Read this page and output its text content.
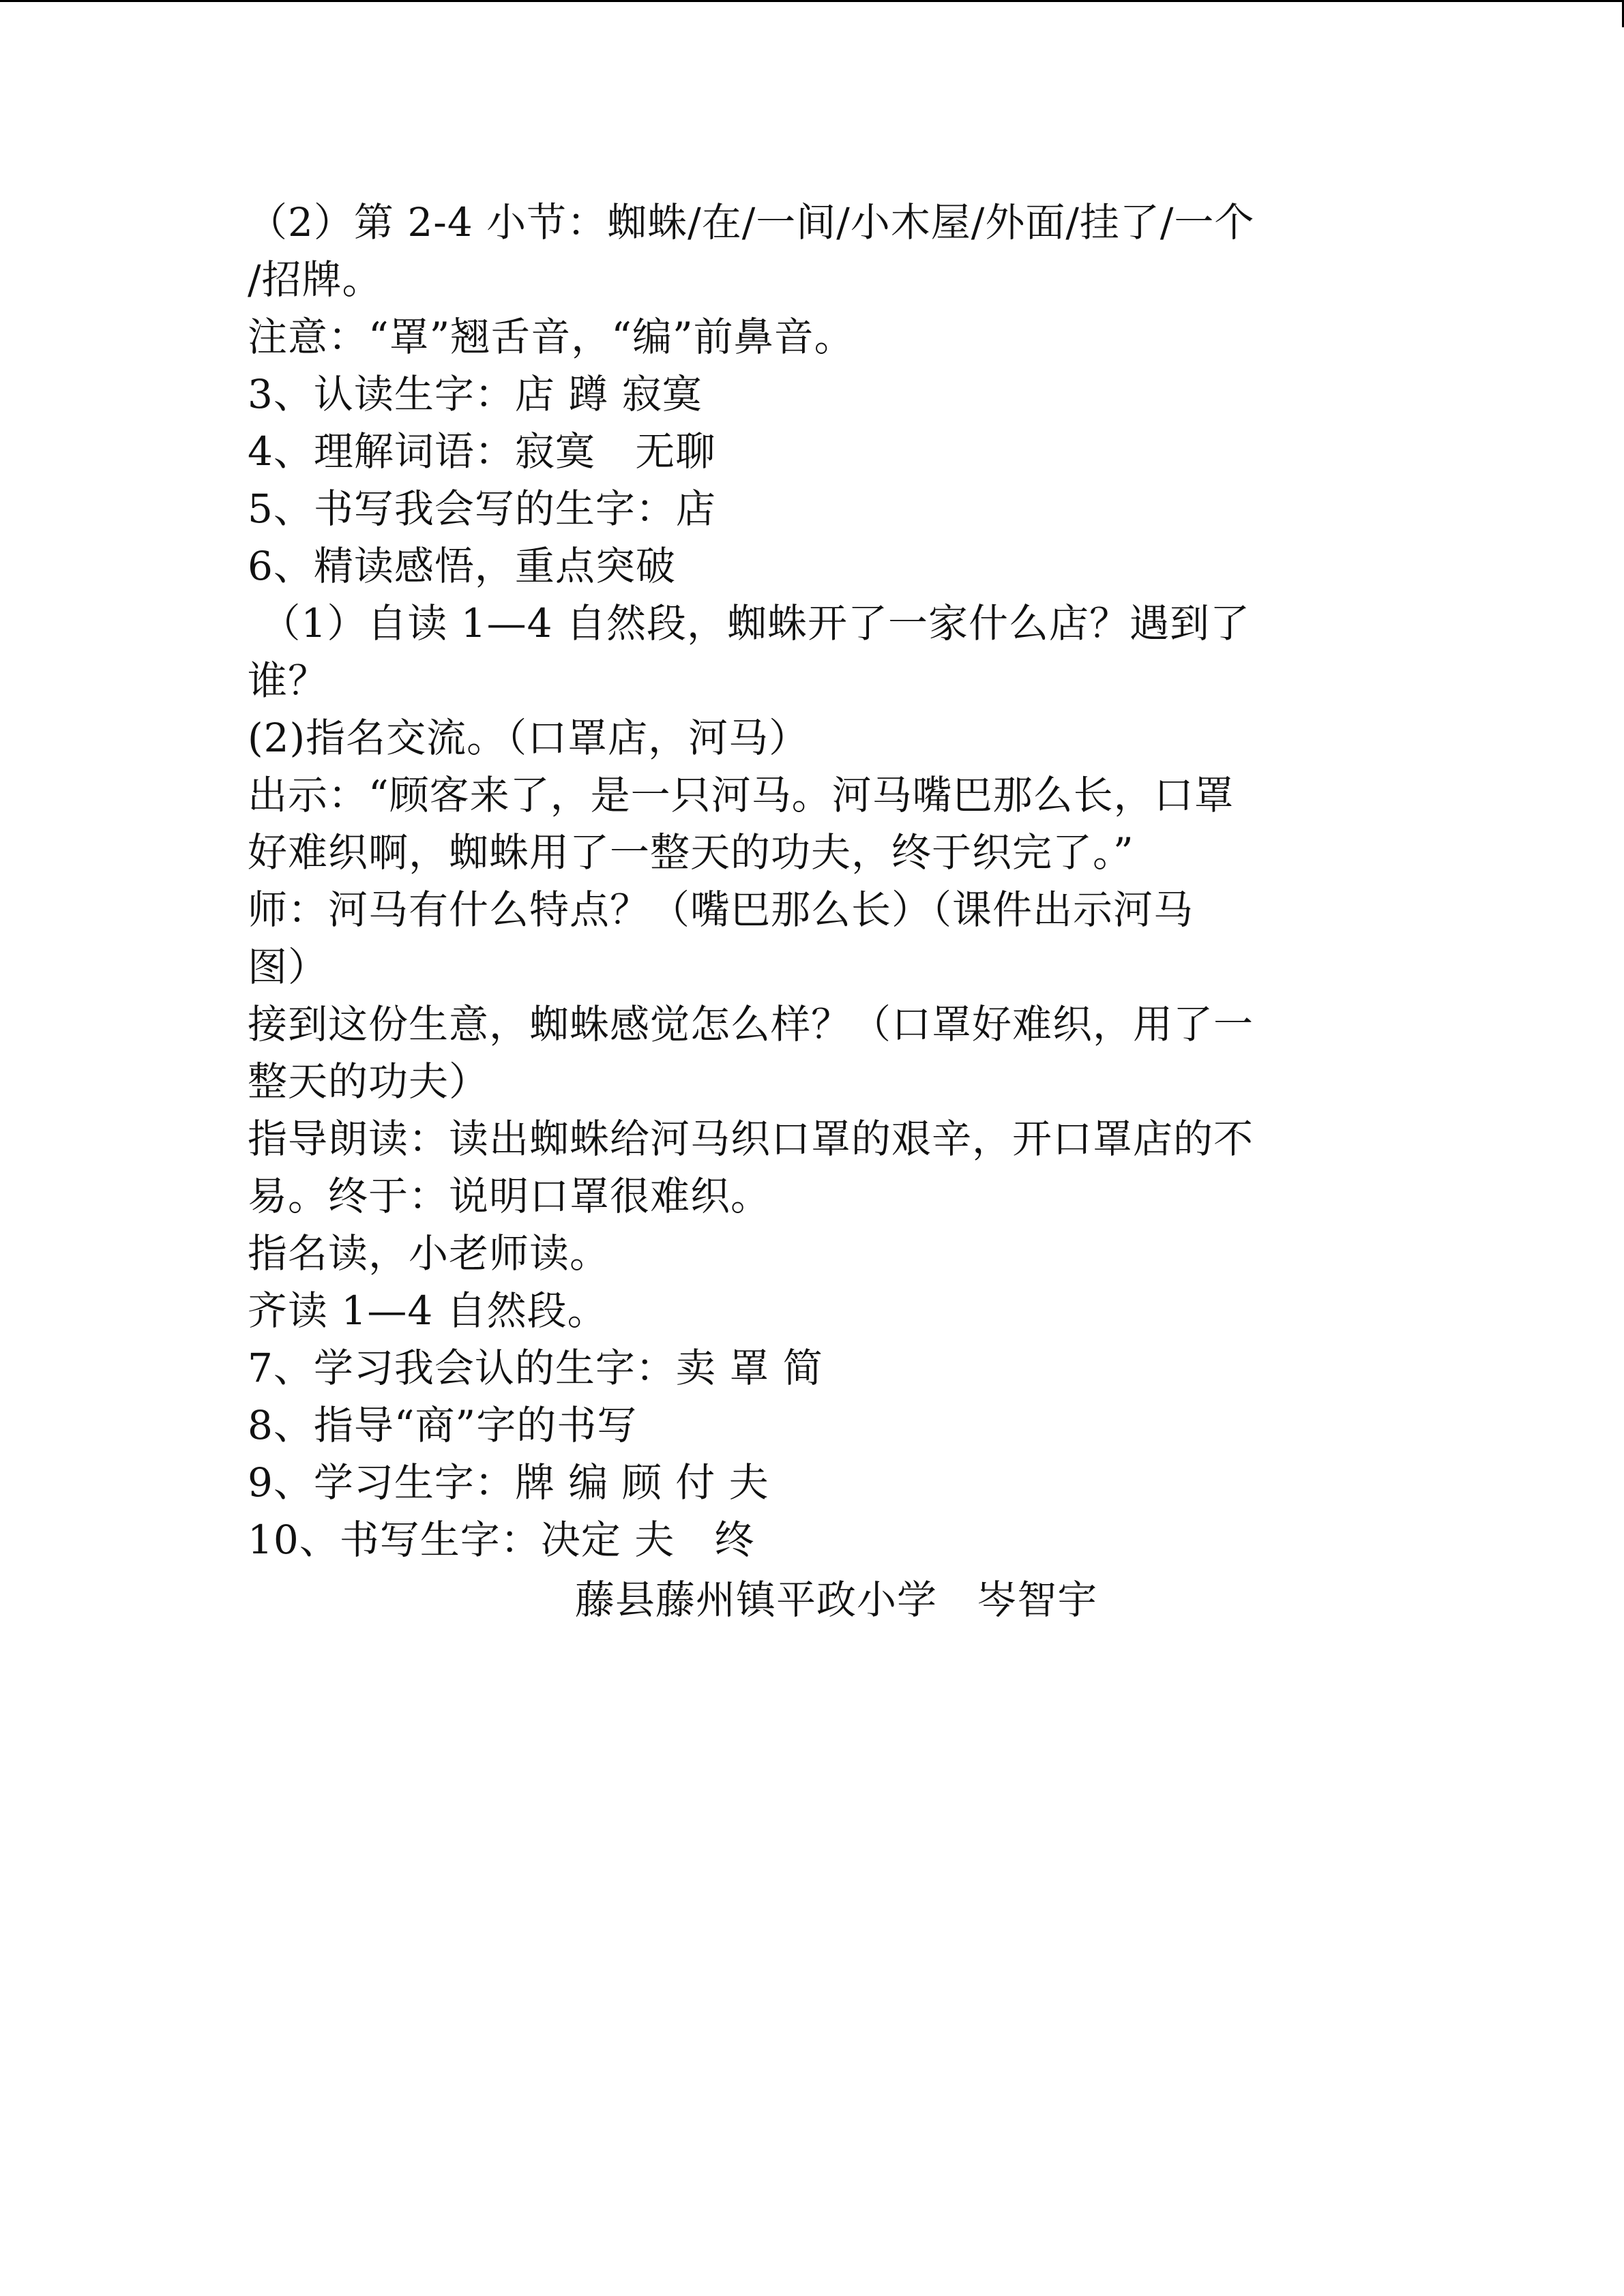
（2）第 2-4 小节：蜘蛛/在/一间/小木屋/外面/挂了/一个
/招牌。
注意：“罩”翘舌音，“编”前鼻音。
3、认读生字：店 蹲 寂寞
4、理解词语：寂寞   无聊
5、书写我会写的生字：店
6、精读感悟，重点突破
（1）自读 1—4 自然段，蜘蛛开了一家什么店？遇到了
谁？
(2)指名交流。（口罩店，河马）
出示：“顾客来了，是一只河马。河马嘴巴那么长，口罩
好难织啊，蜘蛛用了一整天的功夫，终于织完了。”
师：河马有什么特点？（嘴巴那么长）（课件出示河马
图）
接到这份生意，蜘蛛感觉怎么样？（口罩好难织，用了一
整天的功夫）
指导朗读：读出蜘蛛给河马织口罩的艰辛，开口罩店的不
易。终于：说明口罩很难织。
指名读，小老师读。
齐读 1—4 自然段。
7、学习我会认的生字：卖 罩 简
8、指导“商”字的书写
9、学习生字：牌 编 顾 付 夫
10、书写生字：决定 夫   终
藤县藤州镇平政小学   岑智宇
